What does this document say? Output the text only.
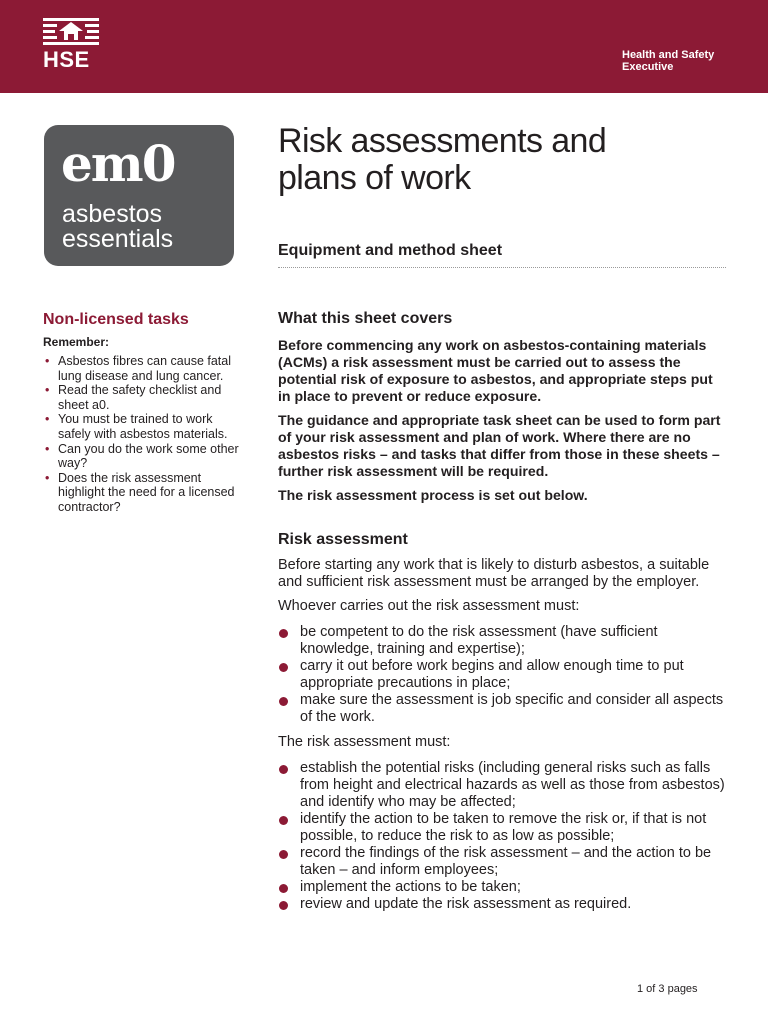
HSE	Health and Safety
Executive
em0
asbestos
essentials
Non-licensed tasks
Remember:
• Asbestos fibres can cause fatal lung disease and lung cancer.
• Read the safety checklist and sheet a0.
• You must be trained to work safely with asbestos materials.
• Can you do the work some other way?
• Does the risk assessment highlight the need for a licensed contractor?
Risk assessments and
plans of work
Equipment and method sheet
What this sheet covers

Before commencing any work on asbestos-containing materials (ACMs) a risk assessment must be carried out to assess the potential risk of exposure to asbestos, and appropriate steps put in place to prevent or reduce exposure.

The guidance and appropriate task sheet can be used to form part of your risk assessment and plan of work. Where there are no asbestos risks – and tasks that differ from those in these sheets – further risk assessment will be required.

The risk assessment process is set out below.

Risk assessment

Before starting any work that is likely to disturb asbestos, a suitable and sufficient risk assessment must be arranged by the employer.

Whoever carries out the risk assessment must:

be competent to do the risk assessment (have sufficient knowledge, training and expertise);
carry it out before work begins and allow enough time to put appropriate precautions in place;
make sure the assessment is job specific and consider all aspects of the work.

The risk assessment must:

establish the potential risks (including general risks such as falls from height and electrical hazards as well as those from asbestos) and identify who may be affected;
identify the action to be taken to remove the risk or, if that is not possible, to reduce the risk to as low as possible;
record the findings of the risk assessment – and the action to be taken – and inform employees;
implement the actions to be taken;
review and update the risk assessment as required.
1 of 3 pages
